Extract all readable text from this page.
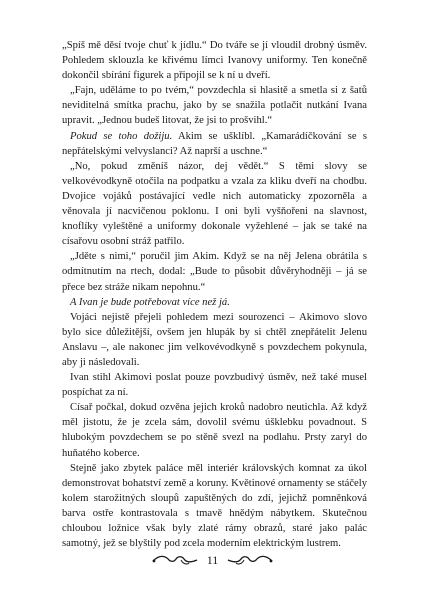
„Spíš mě děsí tvoje chuť k jídlu.“ Do tváře se jí vloudil drobný úsměv. Pohledem sklouzla ke křivému límci Ivanovy uniformy. Ten konečně dokončil sbírání figurek a připojil se k ní u dveří.

„Fajn, uděláme to po tvém,“ povzdechla si hlasitě a smetla si z šatů neviditelná smítka prachu, jako by se snažila potlačit nutkání Ivana upravit. „Jednou budeš litovat, že jsi to prošvihl.“

Pokud se toho dožiju. Akim se ušklíbl. „Kamarádíčkování se s nepřátelskými velvyslanci? Až naprší a uschne.“

„No, pokud změníš názor, dej vědět.“ S těmi slovy se velkovévodkyně otočila na podpatku a vzala za kliku dveří na chodbu. Dvojice vojáků postávající vedle nich automaticky zpozorněla a věnovala jí nacvičenou poklonu. I oni byli vyšňořeni na slavnost, knoflíky vyleštěné a uniformy dokonale vyžehlené – jak se také na císařovu osobní stráž patřilo.

„Jděte s nimi,“ poručil jim Akim. Když se na něj Jelena obrátila s odmítnutím na rtech, dodal: „Bude to působit důvěryhodněji – já se přece bez stráže nikam nepohnu.“

A Ivan je bude potřebovat více než já.

Vojáci nejistě přejeli pohledem mezi sourozenci – Akimovo slovo bylo sice důležitější, ovšem jen hlupák by si chtěl znepřátelit Jelenu Anslavu –, ale nakonec jim velkovévodkyně s povzdechem pokynula, aby ji následovali.

Ivan stihl Akimovi poslat pouze povzbudivý úsměv, než také musel pospíchat za ní.

Císař počkal, dokud ozvěna jejich kroků nadobro neutichla. Až když měl jistotu, že je zcela sám, dovolil svému úšklebku povadnout. S hlubokým povzdechem se po stěně svezl na podlahu. Prsty zaryl do huňatého koberce.

Stejně jako zbytek paláce měl interiér královských komnat za úkol demonstrovat bohatství země a koruny. Květinové ornamenty se stáčely kolem starožitných sloupů zapuštěných do zdí, jejichž pomněnková barva ostře kontrastovala s tmavě hnědým nábytkem. Skutečnou chloubou ložnice však byly zlaté rámy obrazů, staré jako palác samotný, jež se blyštily pod zcela moderním elektrickým lustrem.

11
